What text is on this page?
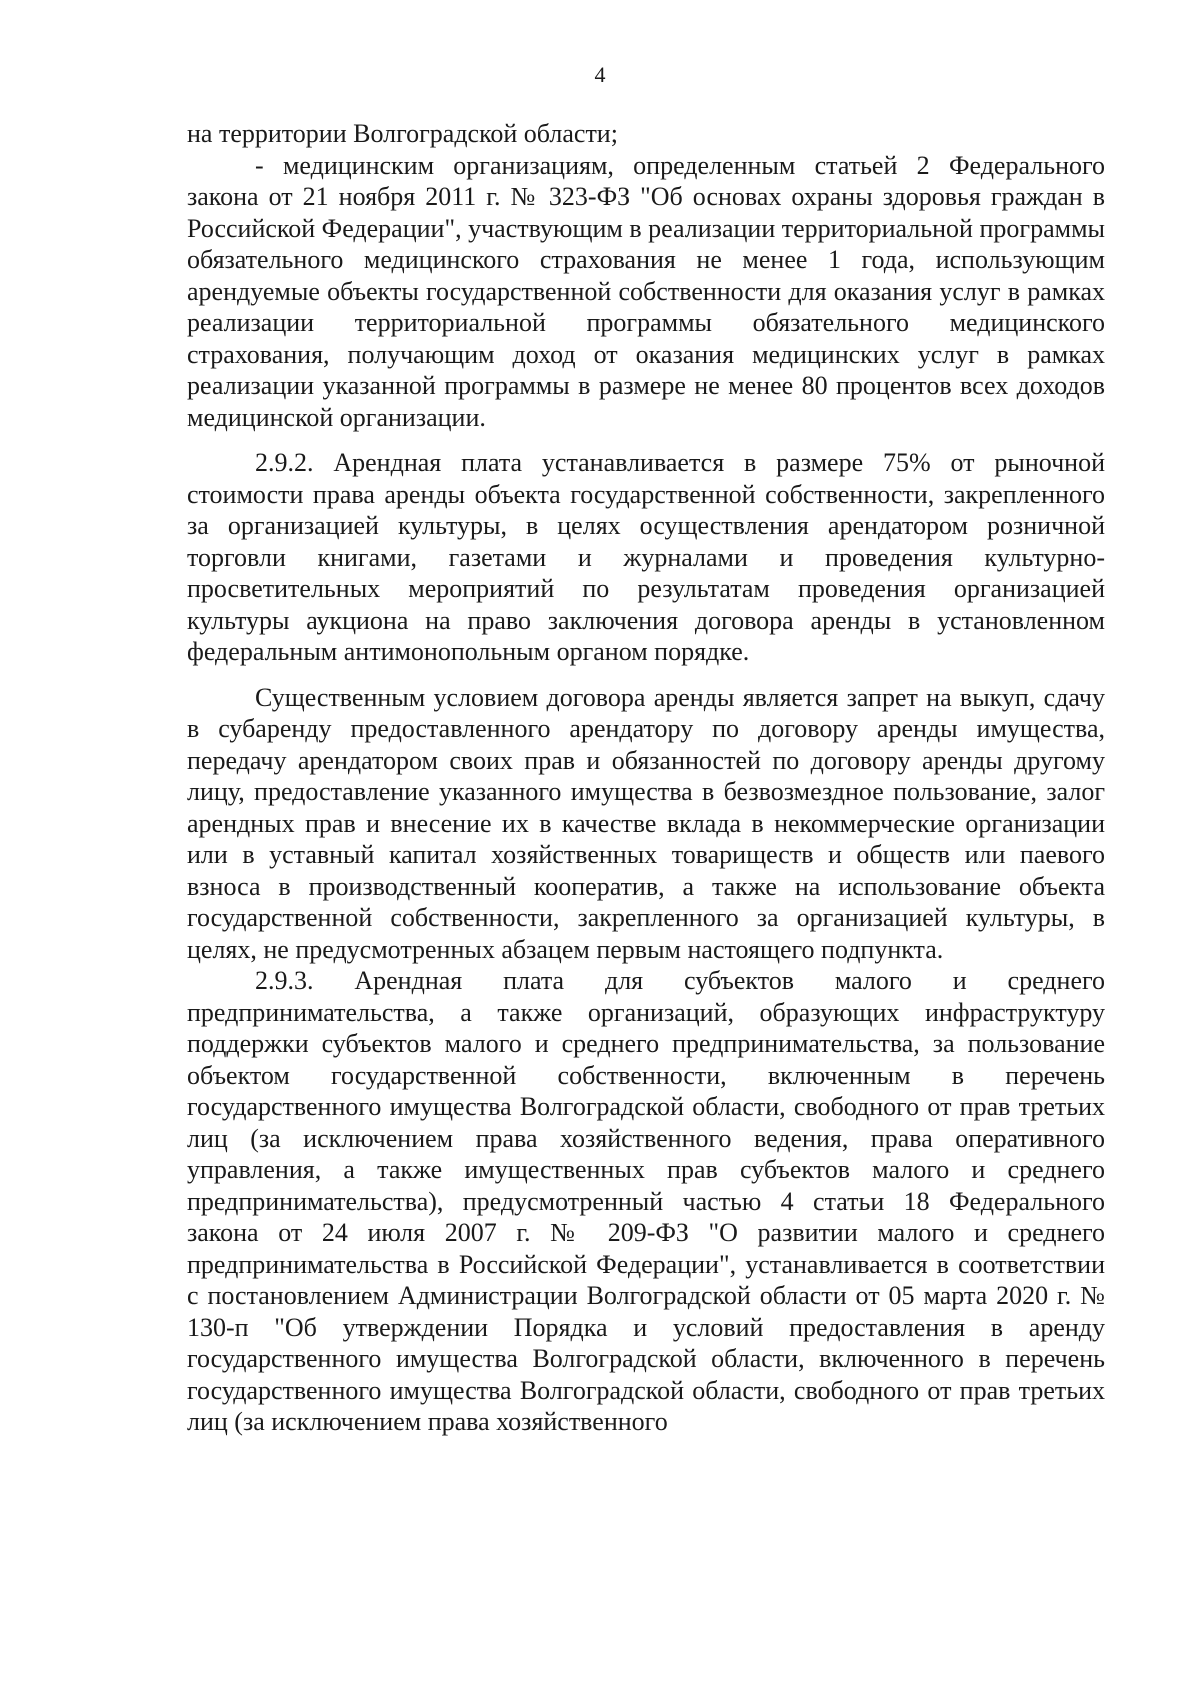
4

на территории Волгоградской области;

- медицинским организациям, определенным статьей 2 Федерального закона от 21 ноября 2011 г. № 323-ФЗ "Об основах охраны здоровья граждан в Российской Федерации", участвующим в реализации территориальной программы обязательного медицинского страхования не менее 1 года, использующим арендуемые объекты государственной собственности для оказания услуг в рамках реализации территориальной программы обязательного медицинского страхования, получающим доход от оказания медицинских услуг в рамках реализации указанной программы в размере не менее 80 процентов всех доходов медицинской организации.

2.9.2. Арендная плата устанавливается в размере 75% от рыночной стоимости права аренды объекта государственной собственности, закрепленного за организацией культуры, в целях осуществления арендатором розничной торговли книгами, газетами и журналами и проведения культурно-просветительных мероприятий по результатам проведения организацией культуры аукциона на право заключения договора аренды в установленном федеральным антимонопольным органом порядке.

Существенным условием договора аренды является запрет на выкуп, сдачу в субаренду предоставленного арендатору по договору аренды имущества, передачу арендатором своих прав и обязанностей по договору аренды другому лицу, предоставление указанного имущества в безвозмездное пользование, залог арендных прав и внесение их в качестве вклада в некоммерческие организации или в уставный капитал хозяйственных товариществ и обществ или паевого взноса в производственный кооператив, а также на использование объекта государственной собственности, закрепленного за организацией культуры, в целях, не предусмотренных абзацем первым настоящего подпункта.

2.9.3. Арендная плата для субъектов малого и среднего предпринимательства, а также организаций, образующих инфраструктуру поддержки субъектов малого и среднего предпринимательства, за пользование объектом государственной собственности, включенным в перечень государственного имущества Волгоградской области, свободного от прав третьих лиц (за исключением права хозяйственного ведения, права оперативного управления, а также имущественных прав субъектов малого и среднего предпринимательства), предусмотренный частью 4 статьи 18 Федерального закона от 24 июля 2007 г. № 209-ФЗ "О развитии малого и среднего предпринимательства в Российской Федерации", устанавливается в соответствии с постановлением Администрации Волгоградской области от 05 марта 2020 г. № 130-п "Об утверждении Порядка и условий предоставления в аренду государственного имущества Волгоградской области, включенного в перечень государственного имущества Волгоградской области, свободного от прав третьих лиц (за исключением права хозяйственного
